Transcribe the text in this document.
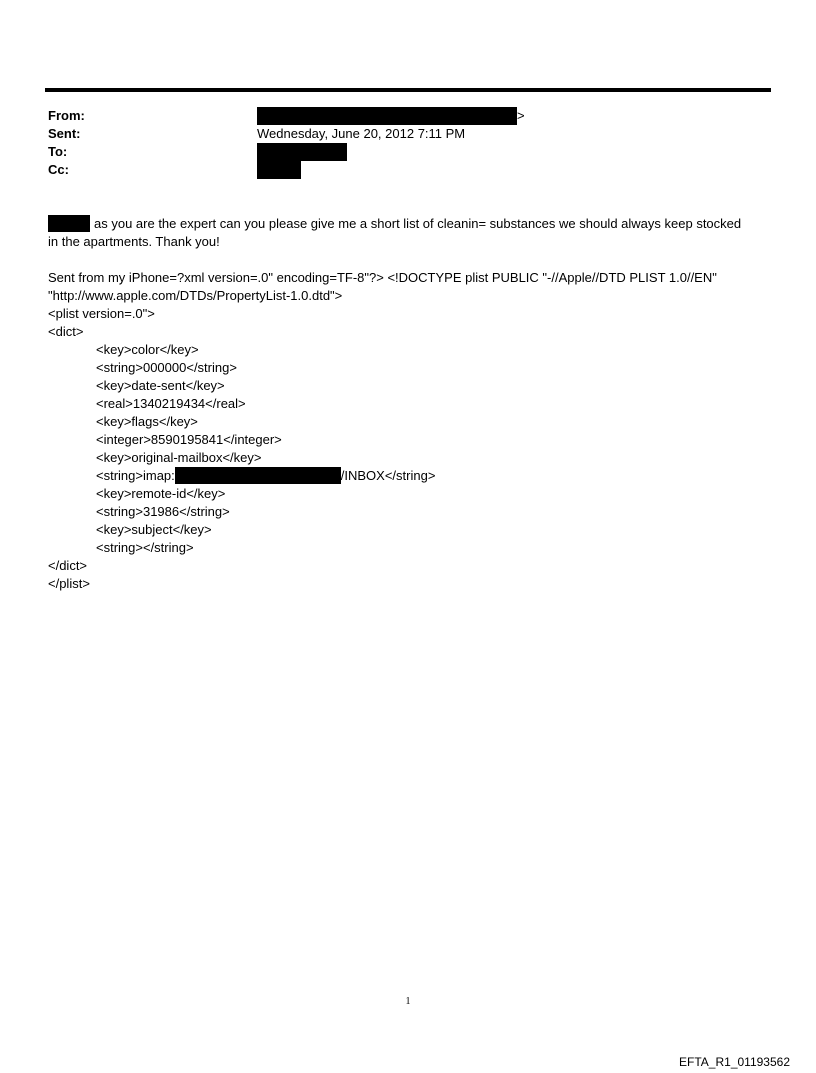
From:	>
Sent:	Wednesday, June 20, 2012 7:11 PM
To:
Cc:
as you are the expert can you please give me a short list of cleanin= substances we should always keep stocked
in the apartments. Thank you!
Sent from my iPhone=?xml version=.0" encoding=TF-8"?> <!DOCTYPE plist PUBLIC "-//Apple//DTD PLIST 1.0//EN"
"http://www.apple.com/DTDs/PropertyList-1.0.dtd">
<plist version=.0">
<dict>
<key>color</key>
<string>000000</string>
<key>date-sent</key>
<real>1340219434</real>
<key>flags</key>
<integer>8590195841</integer>
<key>original-mailbox</key>
<string>imap:	/INBOX</string>
<key>remote-id</key>
<string>31986</string>
<key>subject</key>
<string></string>
</dict>
</plist>
1
EFTA_R1_01193562
